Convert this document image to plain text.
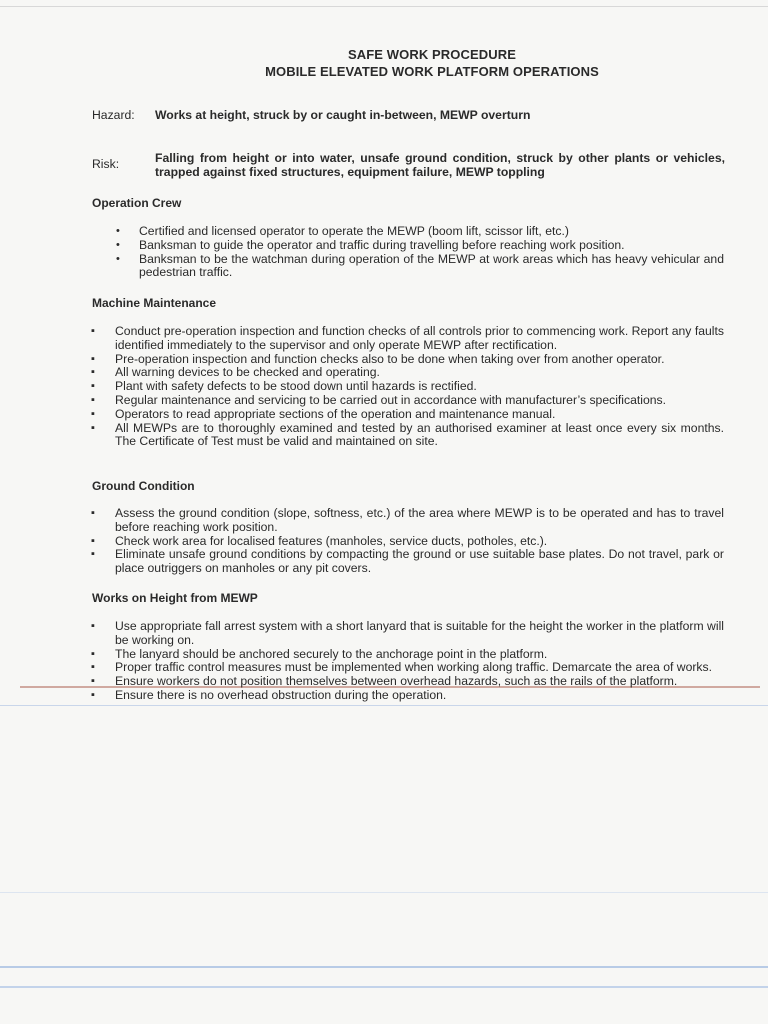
SAFE WORK PROCEDURE
MOBILE ELEVATED WORK PLATFORM OPERATIONS
Hazard: Works at height, struck by or caught in-between, MEWP overturn
Risk:	Falling from height or into water, unsafe ground condition, struck by other plants or vehicles, trapped against fixed structures, equipment failure, MEWP toppling
Operation Crew
•	Certified and licensed operator to operate the MEWP (boom lift, scissor lift, etc.)
•	Banksman to guide the operator and traffic during travelling before reaching work position.
•	Banksman to be the watchman during operation of the MEWP at work areas which has heavy vehicular and pedestrian traffic.
Machine Maintenance
▪ Conduct pre-operation inspection and function checks of all controls prior to commencing work. Report any faults identified immediately to the supervisor and only operate MEWP after rectification.
▪ Pre-operation inspection and function checks also to be done when taking over from another operator.
▪ All warning devices to be checked and operating.
▪ Plant with safety defects to be stood down until hazards is rectified.
▪ Regular maintenance and servicing to be carried out in accordance with manufacturer’s specifications.
▪ Operators to read appropriate sections of the operation and maintenance manual.
▪ All MEWPs are to thoroughly examined and tested by an authorised examiner at least once every six months. The Certificate of Test must be valid and maintained on site.
Ground Condition
▪ Assess the ground condition (slope, softness, etc.) of the area where MEWP is to be operated and has to travel before reaching work position.
▪ Check work area for localised features (manholes, service ducts, potholes, etc.).
▪ Eliminate unsafe ground conditions by compacting the ground or use suitable base plates. Do not travel, park or place outriggers on manholes or any pit covers.
Works on Height from MEWP
▪ Use appropriate fall arrest system with a short lanyard that is suitable for the height the worker in the platform will be working on.
▪ The lanyard should be anchored securely to the anchorage point in the platform.
▪ Proper traffic control measures must be implemented when working along traffic. Demarcate the area of works.
▪ Ensure workers do not position themselves between overhead hazards, such as the rails of the platform.
▪ Ensure there is no overhead obstruction during the operation.
